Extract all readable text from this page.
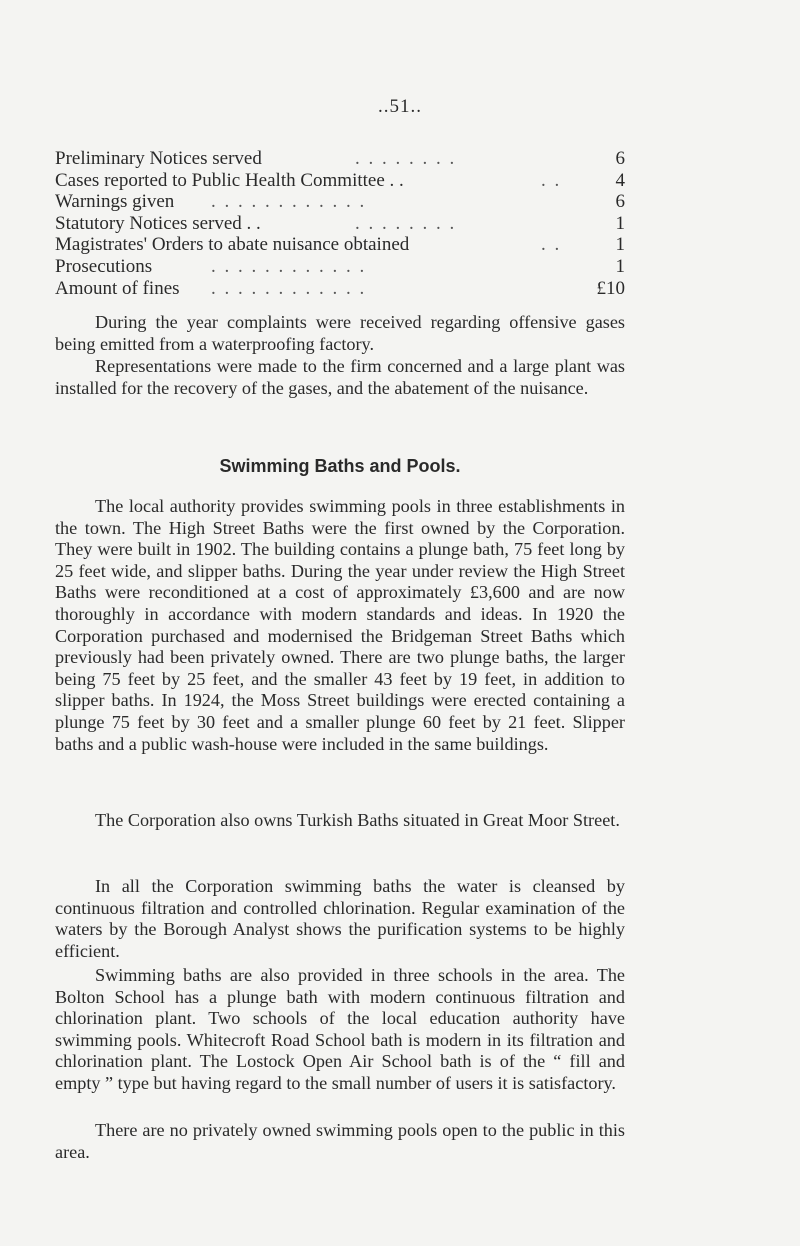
..51..
Preliminary Notices served	. . . . . . . .	6
Cases reported to Public Health Committee . .	. .	4
Warnings given . . . . . . . . . . . .	6
Statutory Notices served . .	. . . . . . . .	1
Magistrates' Orders to abate nuisance obtained	. .	1
Prosecutions	. . . . . . . . . . . .	1
Amount of fines . . . . . . . . . . . .	£10

During the year complaints were received regarding offensive gases being emitted from a waterproofing factory.

Representations were made to the firm concerned and a large plant was installed for the recovery of the gases, and the abatement of the nuisance.

Swimming Baths and Pools.

The local authority provides swimming pools in three establishments in the town. The High Street Baths were the first owned by the Corporation. They were built in 1902. The building contains a plunge bath, 75 feet long by 25 feet wide, and slipper baths. During the year under review the High Street Baths were reconditioned at a cost of approximately £3,600 and are now thoroughly in accordance with modern standards and ideas. In 1920 the Corporation purchased and modernised the Bridgeman Street Baths which previously had been privately owned. There are two plunge baths, the larger being 75 feet by 25 feet, and the smaller 43 feet by 19 feet, in addition to slipper baths. In 1924, the Moss Street buildings were erected containing a plunge 75 feet by 30 feet and a smaller plunge 60 feet by 21 feet. Slipper baths and a public wash-house were included in the same buildings.

The Corporation also owns Turkish Baths situated in Great Moor Street.

In all the Corporation swimming baths the water is cleansed by continuous filtration and controlled chlorination. Regular examination of the waters by the Borough Analyst shows the purification systems to be highly efficient.

Swimming baths are also provided in three schools in the area. The Bolton School has a plunge bath with modern continuous filtration and chlorination plant. Two schools of the local education authority have swimming pools. Whitecroft Road School bath is modern in its filtration and chlorination plant. The Lostock Open Air School bath is of the “ fill and empty ” type but having regard to the small number of users it is satisfactory.

There are no privately owned swimming pools open to the public in this area.
